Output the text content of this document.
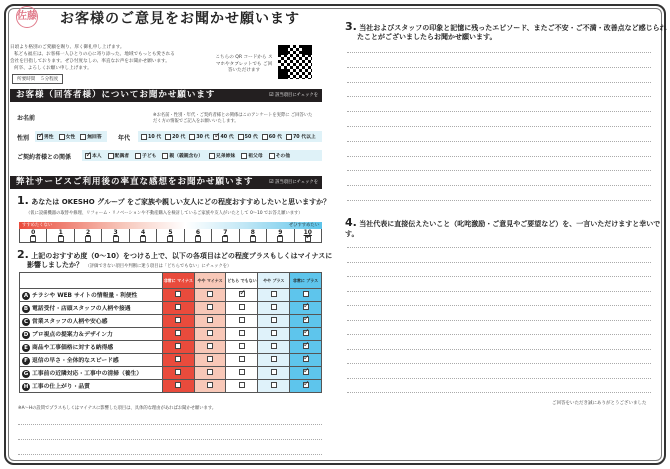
佐藤 お客様のご意見をお聞かせ願います
日頃より格別のご愛顧を賜り、厚く御礼申し上げます。
私ども福庄は、お客様一人ひとりの心に寄り添った、地域でもっとも愛される
会社を目指しております。ぜひ忖度なしの、率直なお声をお聞かせ願います。
何卒、よろしくお願い申し上げます。
所要時間　５分程度
こちらの QR コードから スマホやタブレットでも ご回答いただけます
お客様（回答者様）についてお聞かせ願います	☑ 該当項目にチェックを
お名前	※お名前・性別・年代・ご契約者様との関係はこのアンケートを実際に ご回答いただく方の情報でご記入をお願いいたします。
性別 ✓	男性	女性	無回答	年代	10 代 20 代 30 代 ✓ 40 代 50 代 60 代 70 代以上
ご契約者様との関係 ✓	本人	配偶者	子ども	親（義親含む）	兄弟姉妹	祖父母	その他
弊社サービスご利用後の率直な感想をお聞かせ願います	☑ 該当項目にチェックを
1. あなたは OKESHO グループ をご家族や親しい友人にどの程度おすすめしたいと思いますか？
（仮に設備機器の取替や修理、リフォーム・リノベーションや不動産購入を検討しているご家族や友人がいたとして 0〜10 でお答え願います）
すすめたくない	ぜひすすめたい
0	1	2	3	4	5	6	7	8	9
✓
2. 上記のおすすめ度（0〜10）をつける上で、以下の各項目はどの程度プラスもしくはマイナスに
影響しましたか？ （評価できない項目や判断に迷う項目は「どちらでもない」にチェックを）
	非常に マイナス	やや マイナス	どちら でもない	やや プラス	非常に プラス
A チラシや WEB サイトの情報量・利便性			✓		
B 電話受付・店頭スタッフの人柄や接遇					✓
C 営業スタッフの人柄や安心感					✓
D プロ視点の提案力＆デザイン力					✓
E 商品や工事価格に対する納得感					✓
F 返信の早さ・全体的なスピード感					✓
G 工事前の近隣対応・工事中の清掃（養生）					✓
H 工事の仕上がり・品質					✓
※A〜Hの設問でプラスもしくはマイナスに影響した項目は、具体的な理由があればお聞かせ願います。
3. 当社およびスタッフの印象と記憶に残ったエピソード、またご不安・ご不満・改善点など感じられ
たことがございましたらお聞かせ願います。
4. 当社代表に直接伝えたいこと（叱咤激励・ご意見やご要望など）を、一言いただけますと幸いです。
ご回答をいただき誠にありがとうございました
